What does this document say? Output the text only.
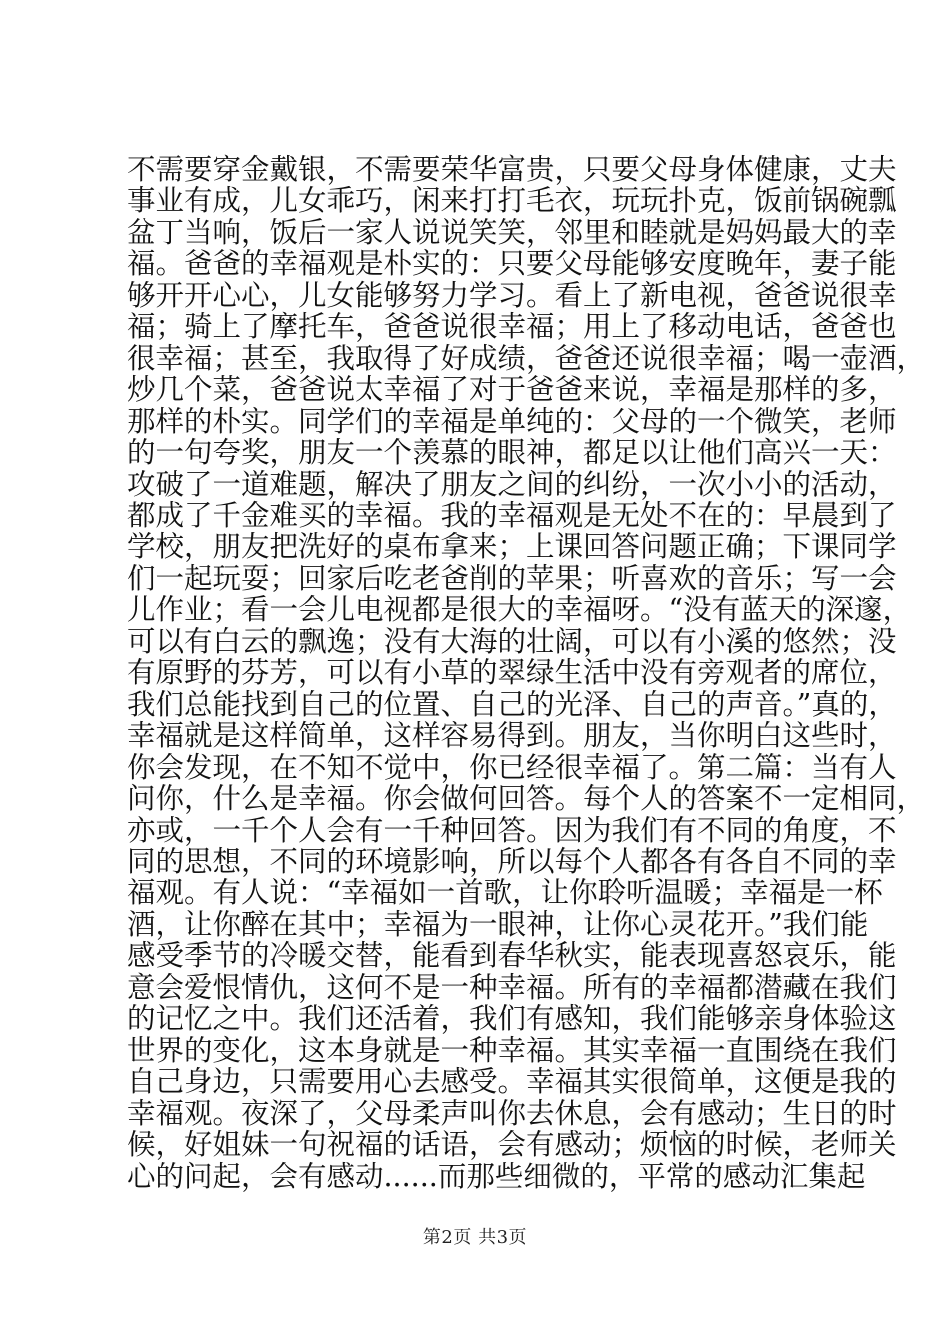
不需要穿金戴银，不需要荣华富贵，只要父母身体健康，丈夫
事业有成，儿女乖巧，闲来打打毛衣，玩玩扑克，饭前锅碗瓢
盆丁当响，饭后一家人说说笑笑，邻里和睦就是妈妈最大的幸
福。爸爸的幸福观是朴实的：只要父母能够安度晚年，妻子能
够开开心心，儿女能够努力学习。看上了新电视，爸爸说很幸
福；骑上了摩托车，爸爸说很幸福；用上了移动电话，爸爸也
很幸福；甚至，我取得了好成绩，爸爸还说很幸福；喝一壶酒，
炒几个菜，爸爸说太幸福了对于爸爸来说，幸福是那样的多，
那样的朴实。同学们的幸福是单纯的：父母的一个微笑，老师
的一句夸奖，朋友一个羡慕的眼神，都足以让他们高兴一天：
攻破了一道难题，解决了朋友之间的纠纷，一次小小的活动，
都成了千金难买的幸福。我的幸福观是无处不在的：早晨到了
学校，朋友把洗好的桌布拿来；上课回答问题正确；下课同学
们一起玩耍；回家后吃老爸削的苹果；听喜欢的音乐；写一会
儿作业；看一会儿电视都是很大的幸福呀。“没有蓝天的深邃，
可以有白云的飘逸；没有大海的壮阔，可以有小溪的悠然；没
有原野的芬芳，可以有小草的翠绿生活中没有旁观者的席位，
我们总能找到自己的位置、自己的光泽、自己的声音。”真的，
幸福就是这样简单，这样容易得到。朋友，当你明白这些时，
你会发现，在不知不觉中，你已经很幸福了。第二篇：当有人
问你，什么是幸福。你会做何回答。每个人的答案不一定相同，
亦或，一千个人会有一千种回答。因为我们有不同的角度，不
同的思想，不同的环境影响，所以每个人都各有各自不同的幸
福观。有人说：“幸福如一首歌，让你聆听温暖；幸福是一杯
酒，让你醉在其中；幸福为一眼神，让你心灵花开。”我们能
感受季节的冷暖交替，能看到春华秋实，能表现喜怒哀乐，能
意会爱恨情仇，这何不是一种幸福。所有的幸福都潜藏在我们
的记忆之中。我们还活着，我们有感知，我们能够亲身体验这
世界的变化，这本身就是一种幸福。其实幸福一直围绕在我们
自己身边，只需要用心去感受。幸福其实很简单，这便是我的
幸福观。夜深了，父母柔声叫你去休息，会有感动；生日的时
候，好姐妹一句祝福的话语，会有感动；烦恼的时候，老师关
心的问起，会有感动......而那些细微的，平常的感动汇集起
第2页 共3页
